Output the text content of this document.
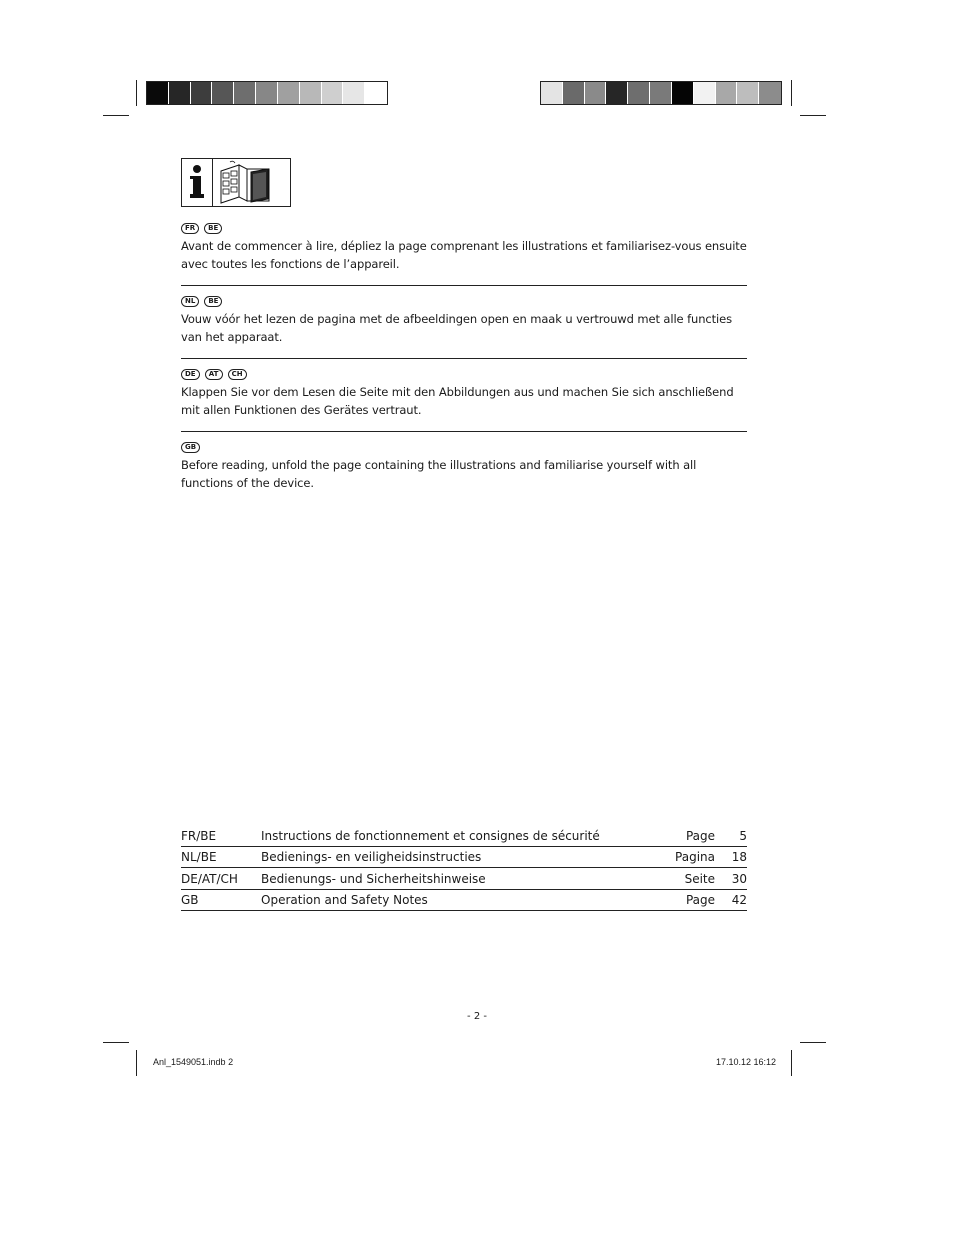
FR	BE
Avant de commencer à lire, dépliez la page comprenant les illustrations et familiarisez-vous ensuite avec toutes les fonctions de l’appareil.
NL	BE
Vouw vóór het lezen de pagina met de afbeeldingen open en maak u vertrouwd met alle functies van het apparaat.
DE	AT	CH
Klappen Sie vor dem Lesen die Seite mit den Abbildungen aus und machen Sie sich anschließend mit allen Funktionen des Gerätes vertraut.
GB
Before reading, unfold the page containing the illustrations and familiarise yourself with all functions of the device.
FR/BE	Instructions de fonctionnement et consignes de sécurité	Page	5
NL/BE	Bedienings- en veiligheidsinstructies	Pagina	18
DE/AT/CH	Bedienungs- und Sicherheitshinweise	Seite	30
GB	Operation and Safety Notes	Page	42
- 2 -
Anl_1549051.indb 2	17.10.12 16:12
